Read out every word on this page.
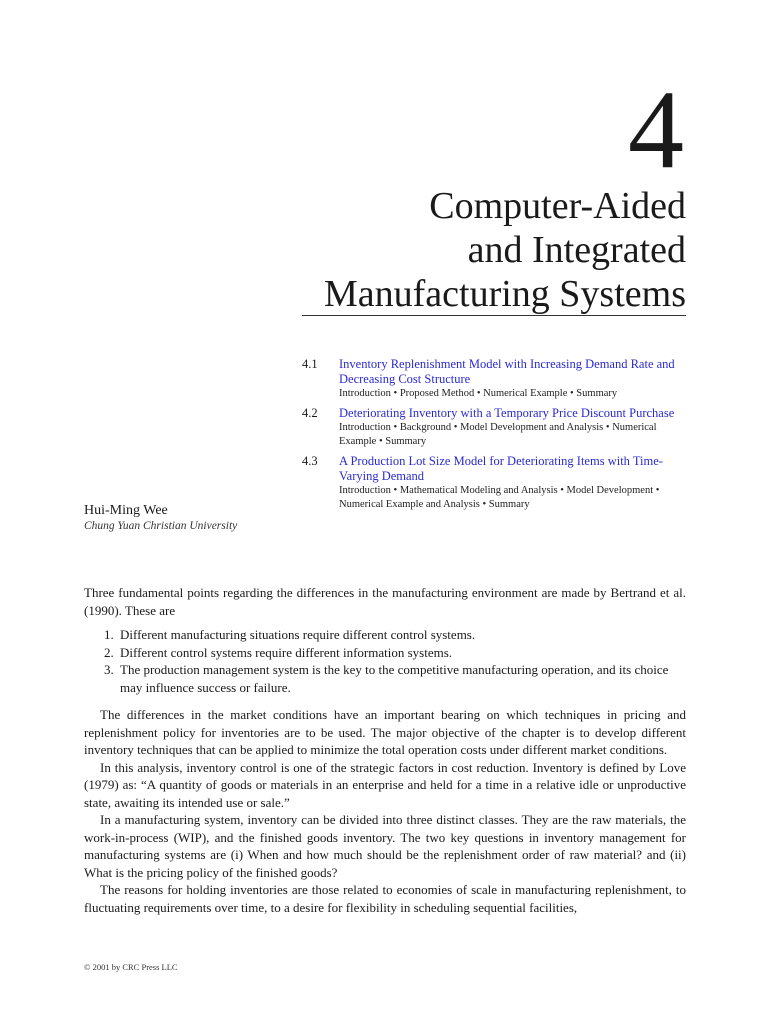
4
Computer-Aided
and Integrated
Manufacturing Systems
4.1	Inventory Replenishment Model with Increasing Demand Rate and Decreasing Cost Structure
Introduction • Proposed Method • Numerical Example • Summary
4.2	Deteriorating Inventory with a Temporary Price Discount Purchase
Introduction • Background • Model Development and Analysis • Numerical Example • Summary
4.3	A Production Lot Size Model for Deteriorating Items with Time-Varying Demand
Introduction • Mathematical Modeling and Analysis • Model Development • Numerical Example and Analysis • Summary
Hui-Ming Wee
Chung Yuan Christian University

Three fundamental points regarding the differences in the manufacturing environment are made by Bertrand et al. (1990). These are

1. Different manufacturing situations require different control systems.
2. Different control systems require different information systems.
3. The production management system is the key to the competitive manufacturing operation, and its choice may influence success or failure.

The differences in the market conditions have an important bearing on which techniques in pricing and replenishment policy for inventories are to be used. The major objective of the chapter is to develop different inventory techniques that can be applied to minimize the total operation costs under different market conditions.

In this analysis, inventory control is one of the strategic factors in cost reduction. Inventory is defined by Love (1979) as: “A quantity of goods or materials in an enterprise and held for a time in a relative idle or unproductive state, awaiting its intended use or sale.”

In a manufacturing system, inventory can be divided into three distinct classes. They are the raw materials, the work-in-process (WIP), and the finished goods inventory. The two key questions in inventory management for manufacturing systems are (i) When and how much should be the replenishment order of raw material? and (ii) What is the pricing policy of the finished goods?

The reasons for holding inventories are those related to economies of scale in manufacturing replenishment, to fluctuating requirements over time, to a desire for flexibility in scheduling sequential facilities,

© 2001 by CRC Press LLC
